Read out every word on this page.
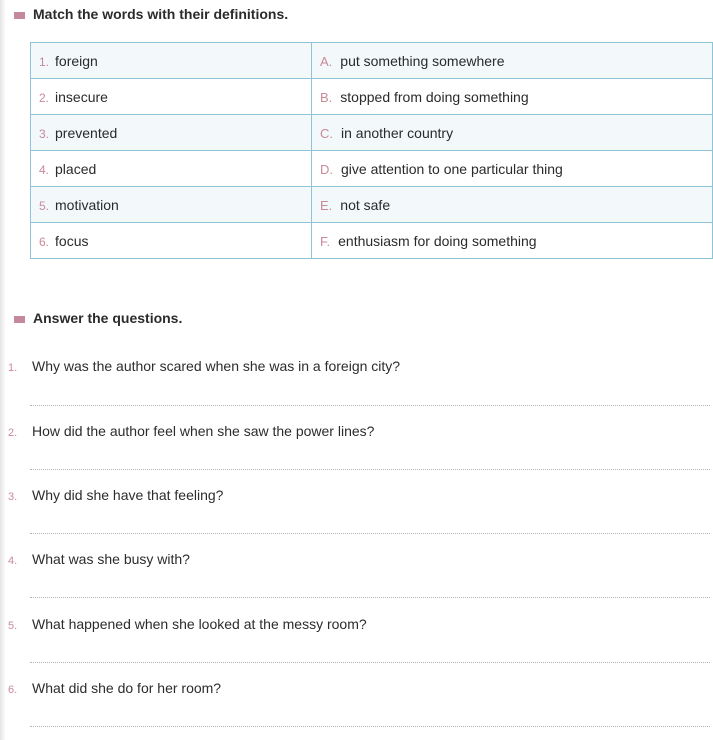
Match the words with their definitions.
1. foreign	A. put something somewhere
2. insecure	B. stopped from doing something
3. prevented	C. in another country
4. placed	D. give attention to one particular thing
5. motivation	E. not safe
6. focus	F. enthusiasm for doing something
Answer the questions.
1. Why was the author scared when she was in a foreign city?
2. How did the author feel when she saw the power lines?
3. Why did she have that feeling?
4. What was she busy with?
5. What happened when she looked at the messy room?
6. What did she do for her room?
